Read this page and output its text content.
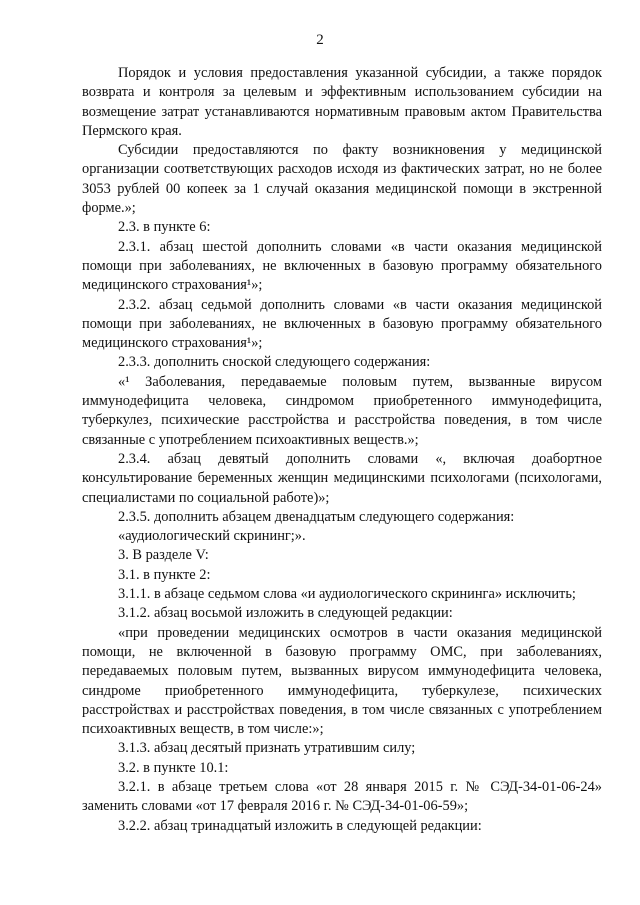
2

Порядок и условия предоставления указанной субсидии, а также порядок возврата и контроля за целевым и эффективным использованием субсидии на возмещение затрат устанавливаются нормативным правовым актом Правительства Пермского края.

Субсидии предоставляются по факту возникновения у медицинской организации соответствующих расходов исходя из фактических затрат, но не более 3053 рублей 00 копеек за 1 случай оказания медицинской помощи в экстренной форме.»;

2.3. в пункте 6:

2.3.1. абзац шестой дополнить словами «в части оказания медицинской помощи при заболеваниях, не включенных в базовую программу обязательного медицинского страхования¹»;

2.3.2. абзац седьмой дополнить словами «в части оказания медицинской помощи при заболеваниях, не включенных в базовую программу обязательного медицинского страхования¹»;

2.3.3. дополнить сноской следующего содержания:

«¹ Заболевания, передаваемые половым путем, вызванные вирусом иммунодефицита человека, синдромом приобретенного иммунодефицита, туберкулез, психические расстройства и расстройства поведения, в том числе связанные с употреблением психоактивных веществ.»;

2.3.4. абзац девятый дополнить словами «, включая доабортное консультирование беременных женщин медицинскими психологами (психологами, специалистами по социальной работе)»;

2.3.5. дополнить абзацем двенадцатым следующего содержания:

«аудиологический скрининг;».

3. В разделе V:

3.1. в пункте 2:

3.1.1. в абзаце седьмом слова «и аудиологического скрининга» исключить;

3.1.2. абзац восьмой изложить в следующей редакции:

«при проведении медицинских осмотров в части оказания медицинской помощи, не включенной в базовую программу ОМС, при заболеваниях, передаваемых половым путем, вызванных вирусом иммунодефицита человека, синдроме приобретенного иммунодефицита, туберкулезе, психических расстройствах и расстройствах поведения, в том числе связанных с употреблением психоактивных веществ, в том числе:»;

3.1.3. абзац десятый признать утратившим силу;

3.2. в пункте 10.1:

3.2.1. в абзаце третьем слова «от 28 января 2015 г. № СЭД-34-01-06-24» заменить словами «от 17 февраля 2016 г. № СЭД-34-01-06-59»;

3.2.2. абзац тринадцатый изложить в следующей редакции:
